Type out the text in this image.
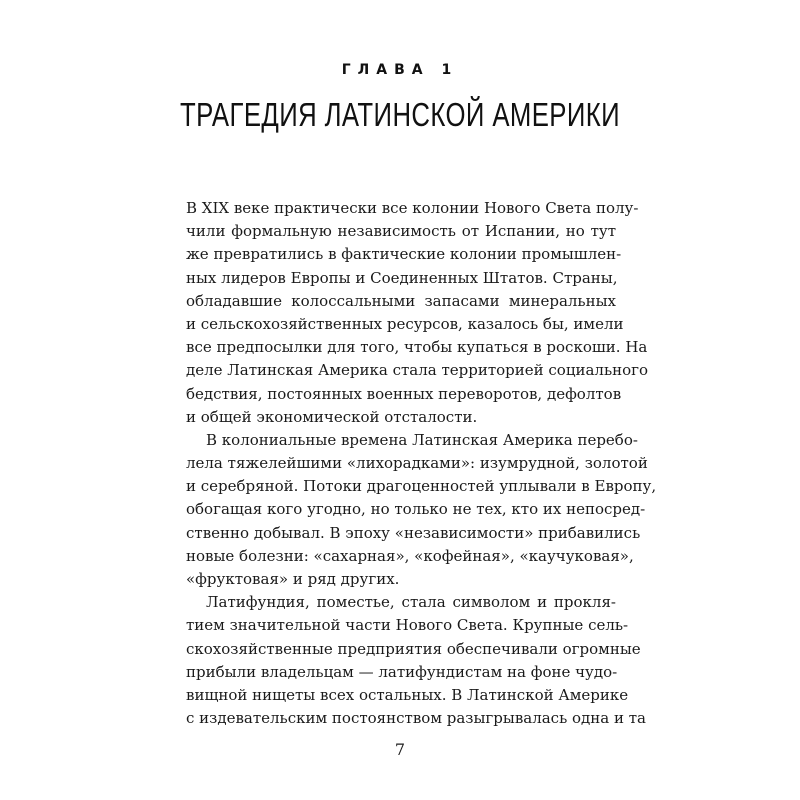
ГЛАВА 1
ТРАГЕДИЯ ЛАТИНСКОЙ АМЕРИКИ
В XIX веке практически все колонии Нового Света полу-
чили формальную независимость от Испании, но тут
же превратились в фактические колонии промышлен-
ных лидеров Европы и Соединенных Штатов. Страны,
обладавшие колоссальными запасами минеральных
и сельскохозяйственных ресурсов, казалось бы, имели
все предпосылки для того, чтобы купаться в роскоши. На
деле Латинская Америка стала территорией социального
бедствия, постоянных военных переворотов, дефолтов
и общей экономической отсталости.
В колониальные времена Латинская Америка перебо-
лела тяжелейшими «лихорадками»: изумрудной, золотой
и серебряной. Потоки драгоценностей уплывали в Европу,
обогащая кого угодно, но только не тех, кто их непосред-
ственно добывал. В эпоху «независимости» прибавились
новые болезни: «сахарная», «кофейная», «каучуковая»,
«фруктовая» и ряд других.
Латифундия, поместье, стала символом и прокля-
тием значительной части Нового Света. Крупные сель-
скохозяйственные предприятия обеспечивали огромные
прибыли владельцам — латифундистам на фоне чудо-
вищной нищеты всех остальных. В Латинской Америке
с издевательским постоянством разыгрывалась одна и та
7
